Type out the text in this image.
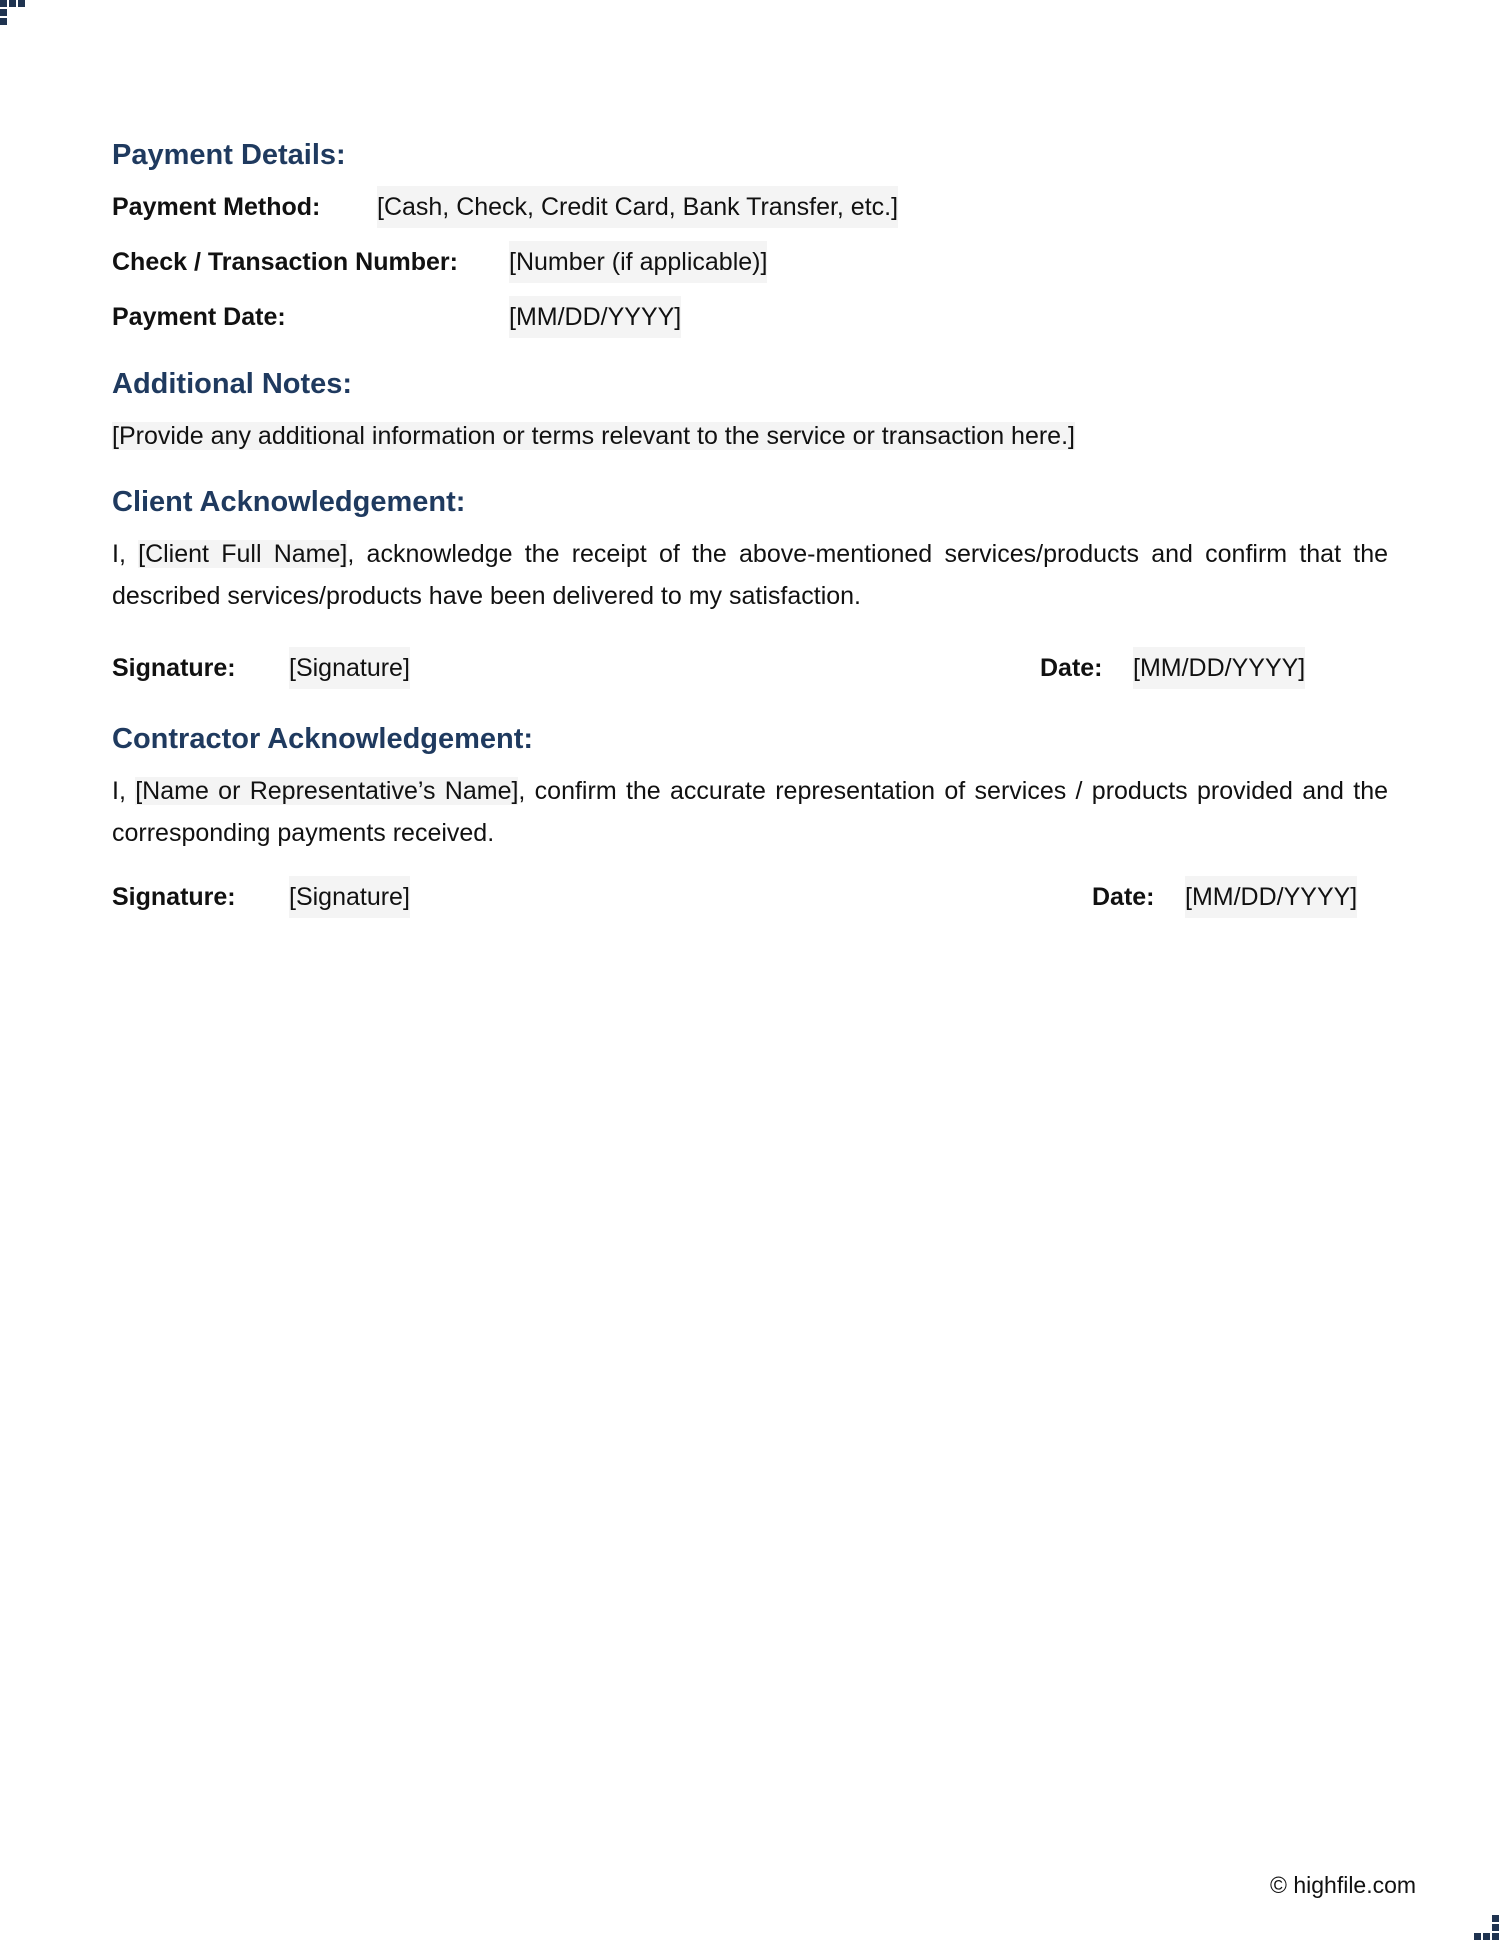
Payment Details:
Payment Method: [Cash, Check, Credit Card, Bank Transfer, etc.]
Check / Transaction Number: [Number (if applicable)]
Payment Date:	[MM/DD/YYYY]
Additional Notes:

[Provide any additional information or terms relevant to the service or transaction here.]

Client Acknowledgement:

I, [Client Full Name], acknowledge the receipt of the above-mentioned services/products and confirm that the described services/products have been delivered to my satisfaction.

Signature: [Signature]	Date: [MM/DD/YYYY]
Contractor Acknowledgement:

I, [Name or Representative’s Name], confirm the accurate representation of services / products provided and the corresponding payments received.

Signature: [Signature]	Date: [MM/DD/YYYY]
© highfile.com
